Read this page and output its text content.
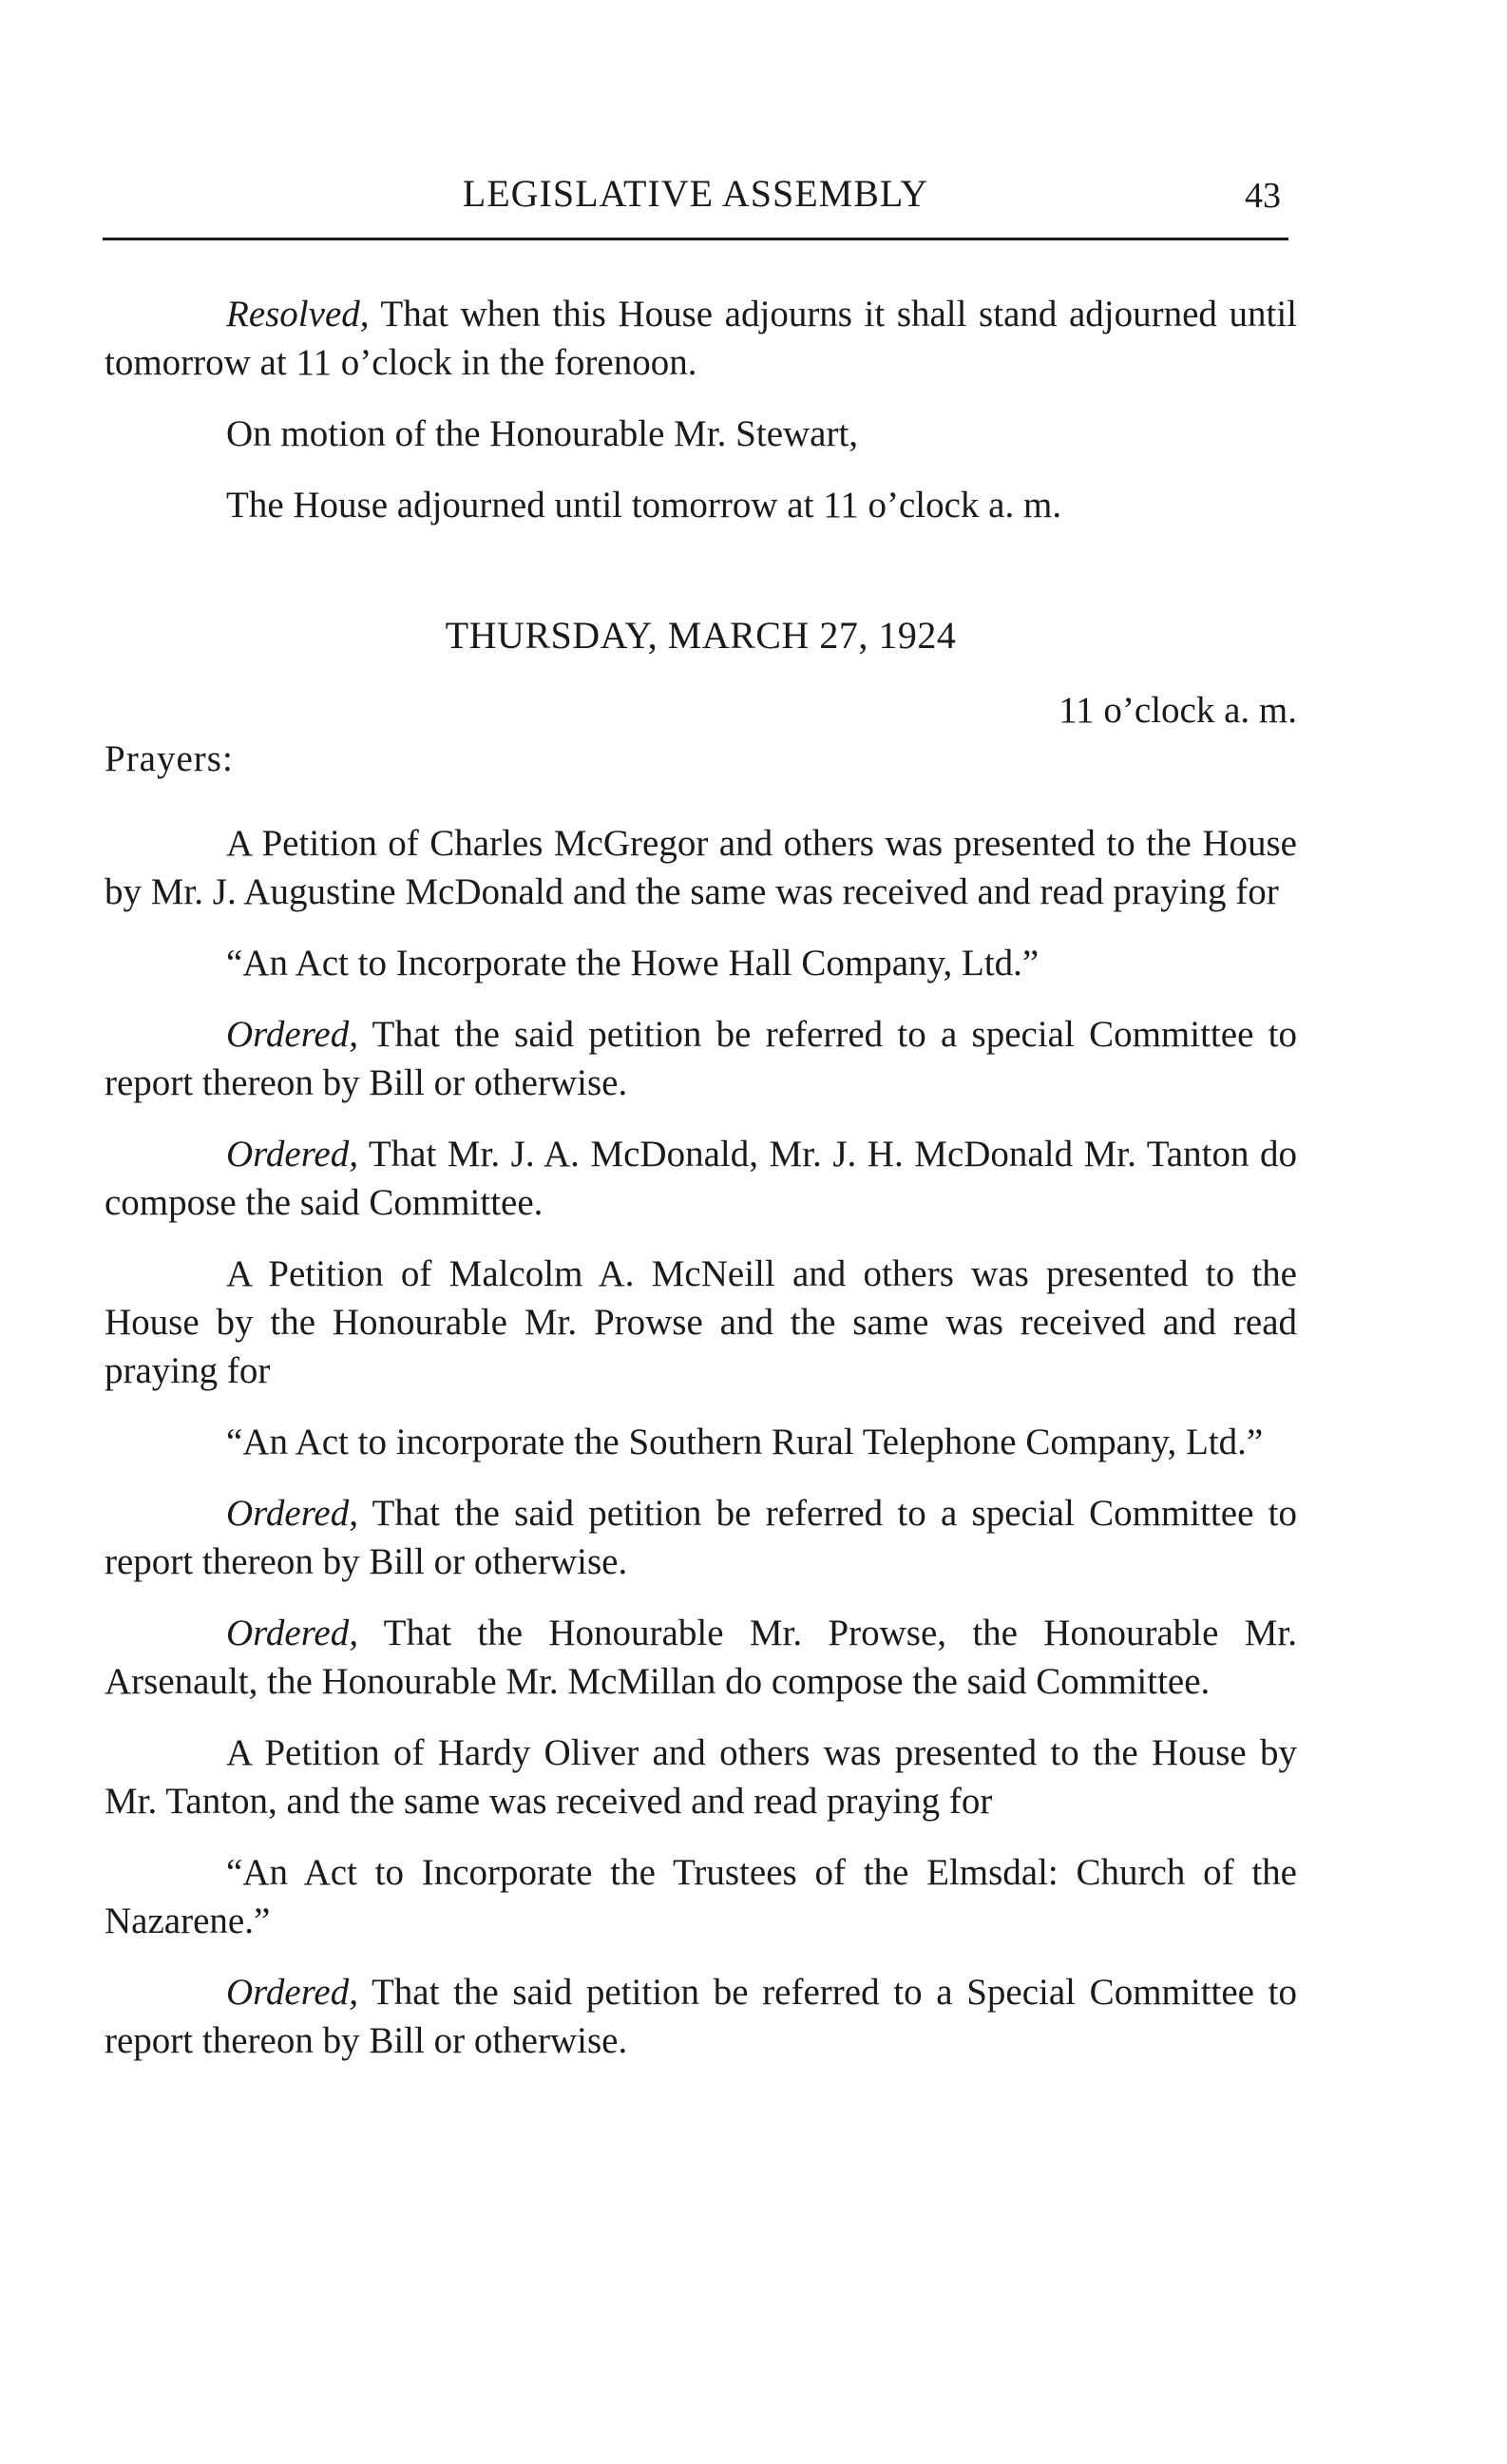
LEGISLATIVE ASSEMBLY	43

Resolved, That when this House adjourns it shall stand adjourned until tomorrow at 11 o’clock in the forenoon.

On motion of the Honourable Mr. Stewart,

The House adjourned until tomorrow at 11 o’clock a. m.

THURSDAY, MARCH 27, 1924

11 o’clock a. m.

Prayers:

A Petition of Charles McGregor and others was presented to the House by Mr. J. Augustine McDonald and the same was received and read praying for

“An Act to Incorporate the Howe Hall Company, Ltd.”

Ordered, That the said petition be referred to a special Committee to report thereon by Bill or otherwise.

Ordered, That Mr. J. A. McDonald, Mr. J. H. McDonald Mr. Tanton do compose the said Committee.

A Petition of Malcolm A. McNeill and others was presented to the House by the Honourable Mr. Prowse and the same was received and read praying for

“An Act to incorporate the Southern Rural Telephone Company, Ltd.”

Ordered, That the said petition be referred to a special Committee to report thereon by Bill or otherwise.

Ordered, That the Honourable Mr. Prowse, the Honourable Mr. Arsenault, the Honourable Mr. McMillan do compose the said Committee.

A Petition of Hardy Oliver and others was presented to the House by Mr. Tanton, and the same was received and read praying for

“An Act to Incorporate the Trustees of the Elmsdal: Church of the Nazarene.”

Ordered, That the said petition be referred to a Special Committee to report thereon by Bill or otherwise.
